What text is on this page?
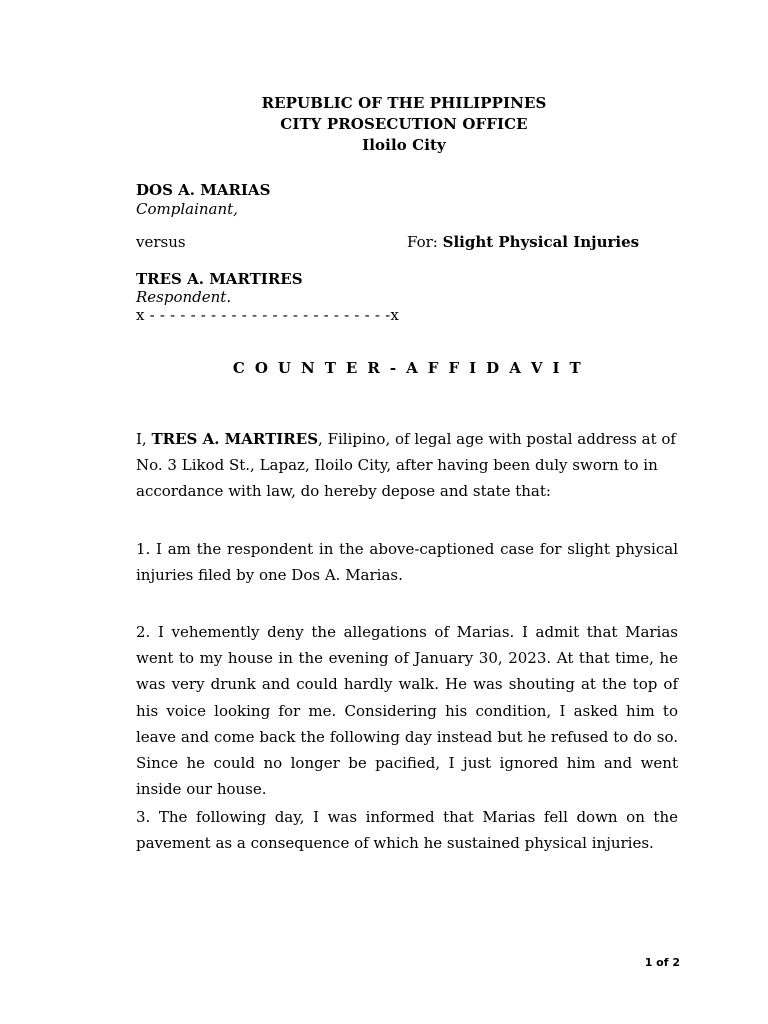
REPUBLIC OF THE PHILIPPINES
CITY PROSECUTION OFFICE
Iloilo City
DOS A. MARIAS
Complainant,
versus	For: Slight Physical Injuries
TRES A. MARTIRES
Respondent.
x - - - - - - - - - - - - - - - - - - - - - - - -x
C O U N T E R - A F F I D A V I T

I, TRES A. MARTIRES, Filipino, of legal age with postal address at of No. 3 Likod St., Lapaz, Iloilo City, after having been duly sworn to in accordance with law, do hereby depose and state that:

1. I am the respondent in the above-captioned case for slight physical injuries filed by one Dos A. Marias.

2. I vehemently deny the allegations of Marias. I admit that Marias went to my house in the evening of January 30, 2023. At that time, he was very drunk and could hardly walk. He was shouting at the top of his voice looking for me. Considering his condition, I asked him to leave and come back the following day instead but he refused to do so. Since he could no longer be pacified, I just ignored him and went inside our house.

3. The following day, I was informed that Marias fell down on the pavement as a consequence of which he sustained physical injuries.

1 of 2
